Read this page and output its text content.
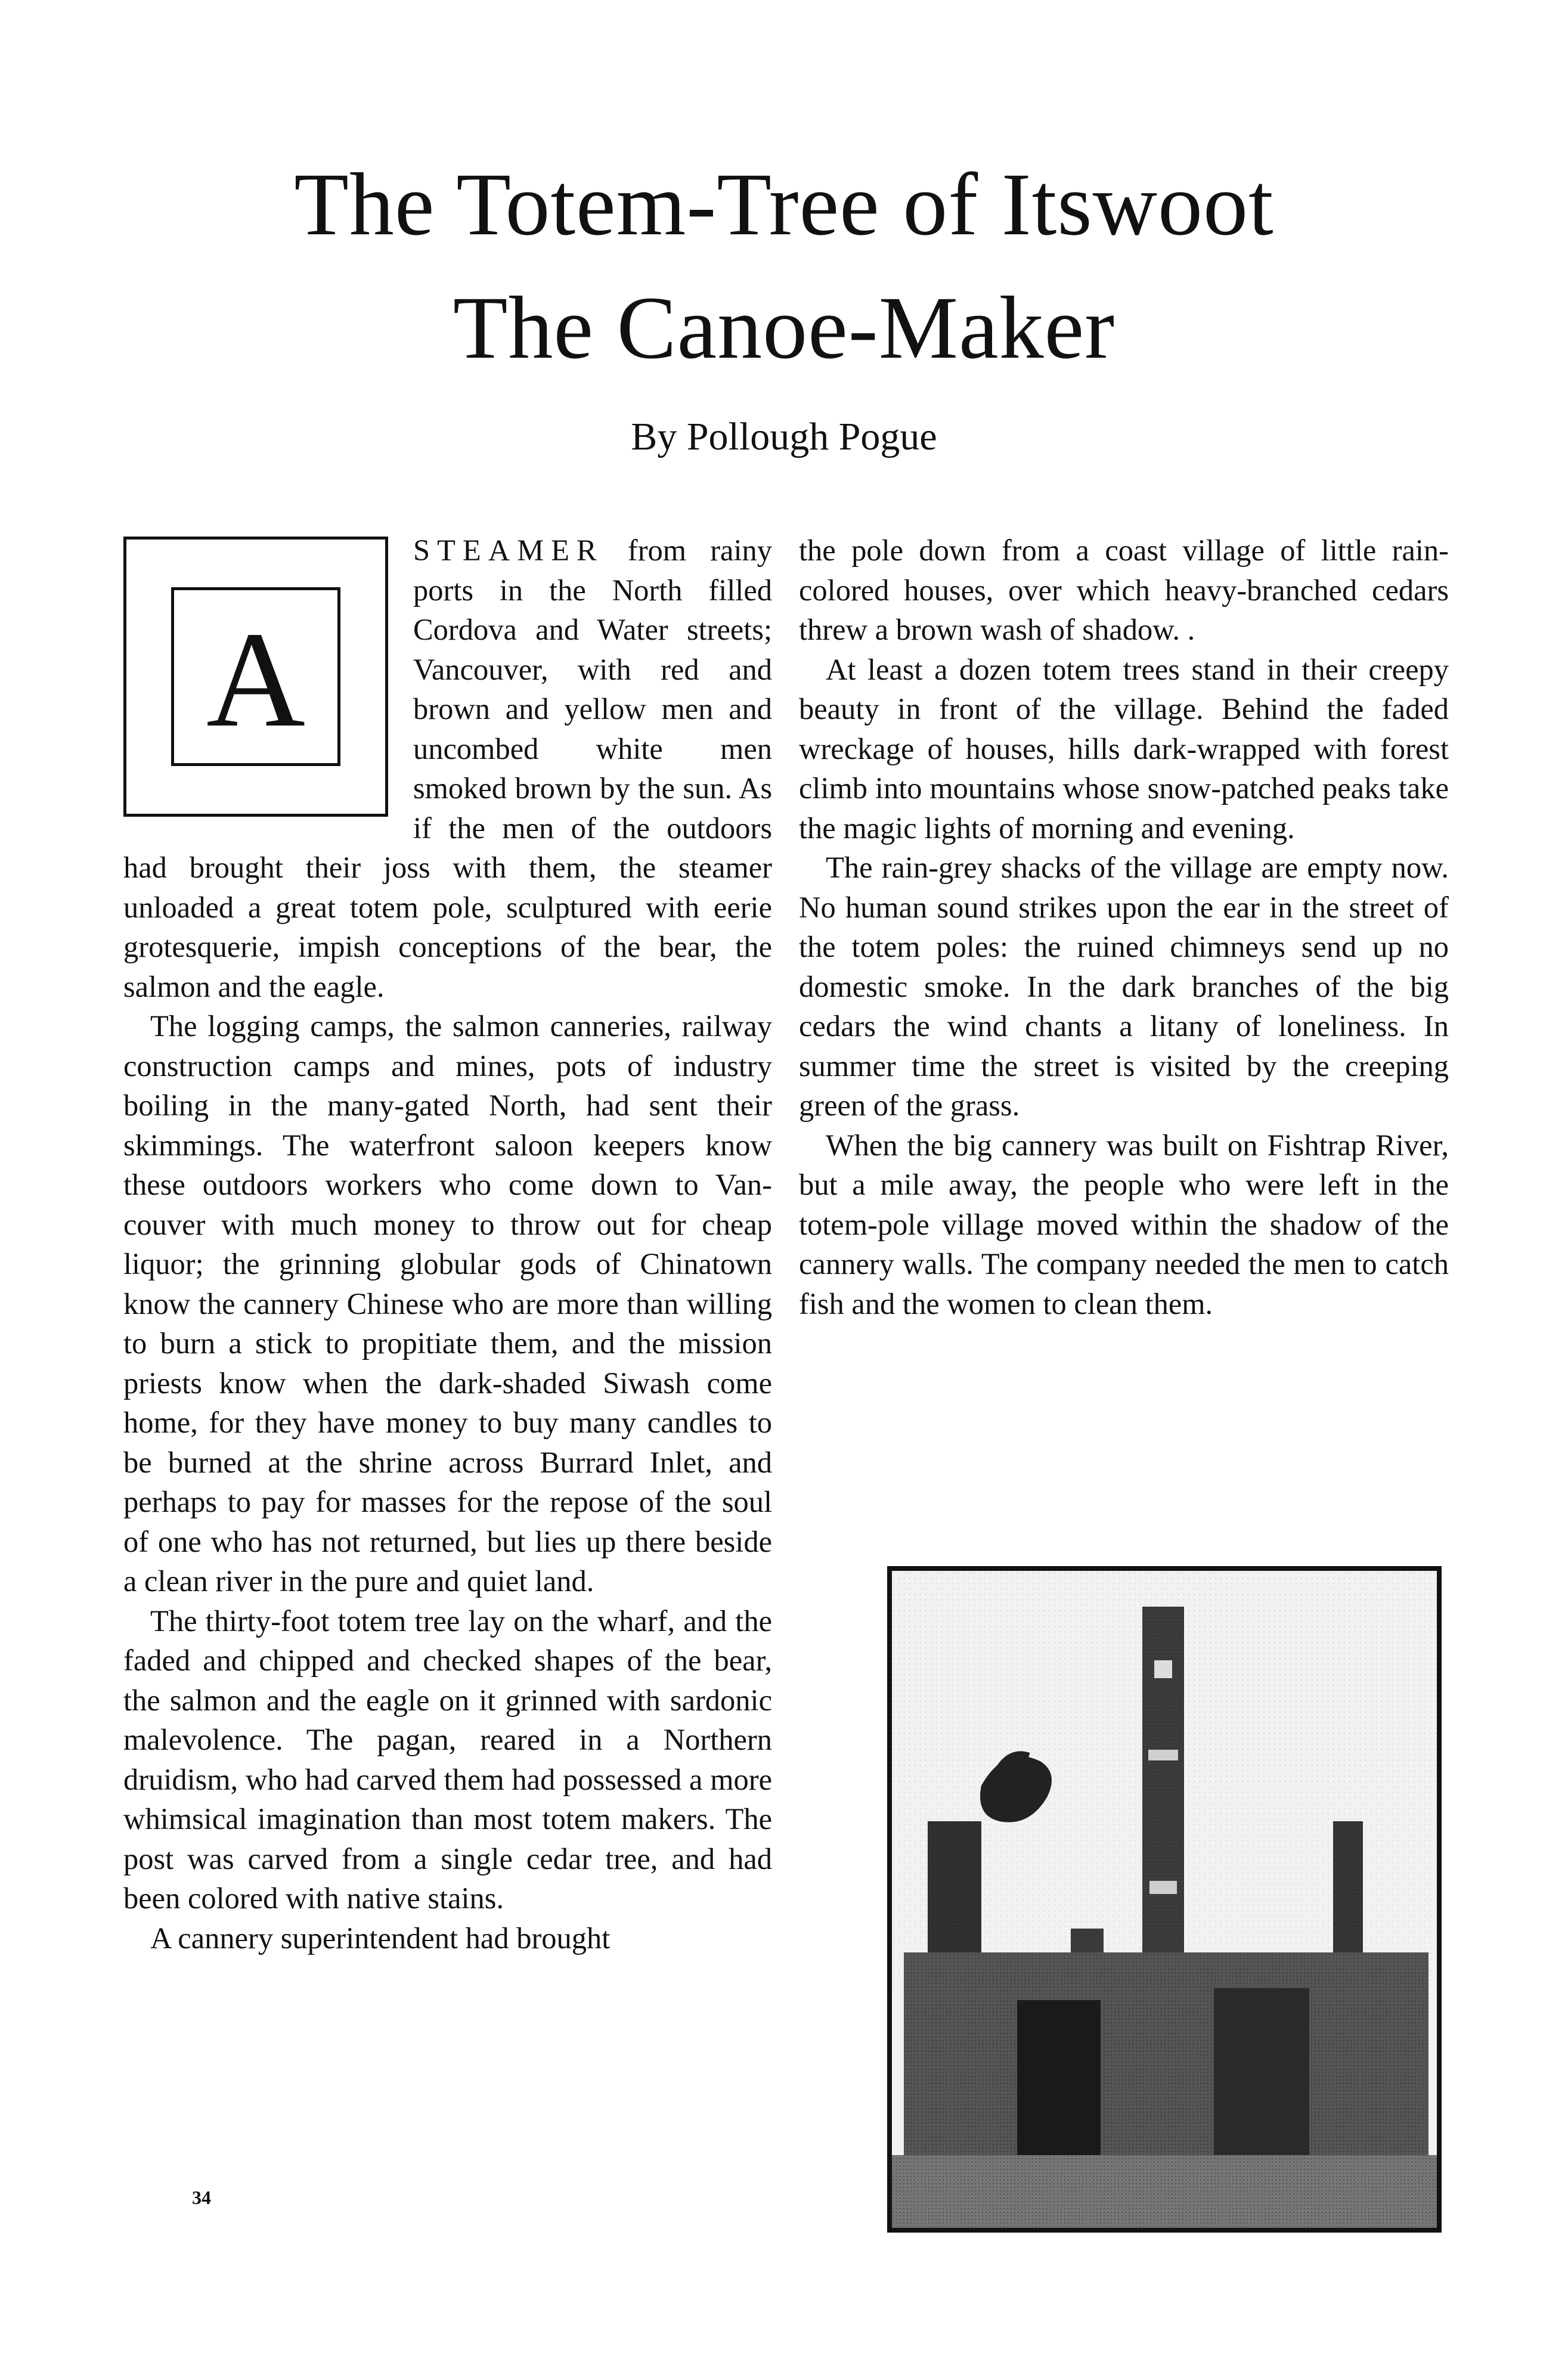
The Totem-Tree of Itswoot
The Canoe-Maker
By Pollough Pogue
A

STEAMER from rainy ports in the North filled Cordova and Water streets; Vancouver, with red and brown and yellow men and uncombed white men smoked brown by the sun. As if the men of the outdoors had brought their joss with them, the steamer unloaded a great totem pole, sculptured with eerie grotesquerie, impish conceptions of the bear, the salmon and the eagle.

The logging camps, the salmon canneries, railway construction camps and mines, pots of industry boiling in the many-gated North, had sent their skimmings. The waterfront saloon keepers know these outdoors workers who come down to Vancouver with much money to throw out for cheap liquor; the grinning globular gods of Chinatown know the cannery Chinese who are more than willing to burn a stick to propitiate them, and the mission priests know when the dark-shaded Siwash come home, for they have money to buy many candles to be burned at the shrine across Burrard Inlet, and perhaps to pay for masses for the repose of the soul of one who has not returned, but lies up there beside a clean river in the pure and quiet land.

The thirty-foot totem tree lay on the wharf, and the faded and chipped and checked shapes of the bear, the salmon and the eagle on it grinned with sardonic malevolence. The pagan, reared in a Northern druidism, who had carved them had possessed a more whimsical imagination than most totem makers. The post was carved from a single cedar tree, and had been colored with native stains.

A cannery superintendent had brought

the pole down from a coast village of little rain-colored houses, over which heavy-branched cedars threw a brown wash of shadow. .

At least a dozen totem trees stand in their creepy beauty in front of the village. Behind the faded wreckage of houses, hills dark-wrapped with forest climb into mountains whose snow-patched peaks take the magic lights of morning and evening.

The rain-grey shacks of the village are empty now. No human sound strikes upon the ear in the street of the totem poles: the ruined chimneys send up no domestic smoke. In the dark branches of the big cedars the wind chants a litany of loneliness. In summer time the street is visited by the creeping green of the grass.

When the big cannery was built on Fishtrap River, but a mile away, the people who were left in the totem-pole village moved within the shadow of the cannery walls. The company needed the men to catch fish and the women to clean them.

34
